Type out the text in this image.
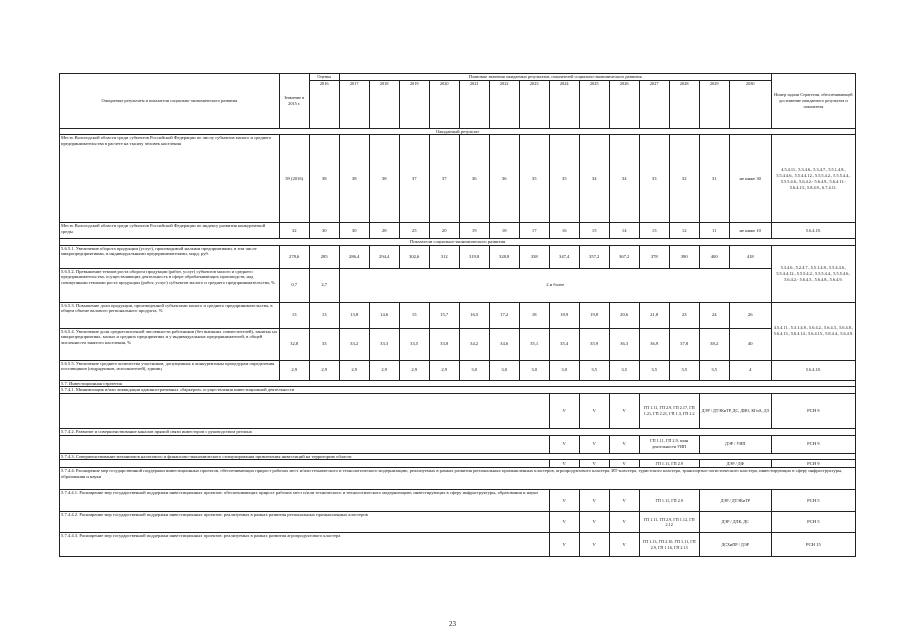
Ожидаемые результаты и показатели социально-экономического развития	Значение в 2015 г.	Оценка	Плановые значения ожидаемых результатов, показателей социально-экономического развития														Номер задачи Стратегии, обеспечивающей достижение ожидаемого результата и показателя
		2016	2017	2018	2019	2020	2021	2022	2023	2024	2025	2026	2027	2028	2029	2030	
Ожидаемый результат																	
Место Вологодской области среди субъектов Российской Федерации по числу субъектов малого и среднего предпринимательства в расчете на тысячу человек населения	39 (2016)	38	38	38	37	37	36	36	35	35	34	34	33	32	31	не ниже 30	4.5.4.11., 5.3.4.6., 5.3.4.7., 5.5.1.4.8., 5.5.4.4.6., 5.5.4.4.12., 5.5.5.4.2., 5.5.5.4.4., 5.5.5.4.6., 5.6.4.2.- 5.6.4.9., 5.6.4.11.- 5.6.4.13., 5.8.4.9., 6.7.4.11.
Место Вологодской области среди субъектов Российской Федерации по индексу развития конкурентной среды	32	30	30	28	25	20	19	18	17	16	15	14	13	12	11	не ниже 10	5.6.4.18.
Показатели социально-экономического развития																	
5.6.5.1. Увеличение оборота продукции (услуг), производимой малыми предприятиями, в том числе микропредприятиями, и индивидуальными предпринимателями, млрд. руб.	278,6	285	286,4	294,4	302,6	312	319,8	328,8	338	347,4	357,2	367,2	378	390	400	418	5.3.4.6., 5.2.4.7., 5.5.1.4.8., 5.5.4.4.6., 5.5.4.4.12., 5.5.5.4.2., 5.5.5.4.4., 5.5.5.4.6., 5.6.4.2.- 5.6.4.5., 5.6.4.8., 5.6.4.9.
5.6.5.2. Превышение темпов роста оборота продукции (работ, услуг) субъектов малого и среднего предпринимательства, осуществляющих деятельность в сфере обрабатывающих производств, над совокупными темпами роста продукции (работ, услуг) субъектов малого и среднего предпринимательства, %	0,7	2,7	2 и более														
5.6.5.3. Повышение доли продукции, произведенной субъектами малого и среднего предпринимательства, в общем объеме валового регионального продукта, %	13	13	13,8	14,6	15	15,7	16,5	17,2	18	18,9	19,8	20,6	21,8	23	24	26	4.5.4.11., 5.3.1.4.8., 5.6.4.2., 5.6.4.3., 5.6.4.8., 5.6.4.13., 5.6.4.14., 5.6.4.15., 5.8.4.4., 5.6.4.9.
5.6.5.4. Увеличение доли среднесписочной численности работников (без внешних совместителей), занятых на микропредприятиях, малых и средних предприятиях и у индивидуальных предпринимателей, в общей численности занятого населения, %	32,8	33	33,2	33,3	33,5	33,8	34,2	34,6	35,1	35,4	35,9	36,3	36,9	37,8	38,2	40	
5.6.5.5. Увеличение среднего количества участников, допущенных к конкурентным процедурам определения поставщиков (подрядчиков, исполнителей), единиц	2,9	2,9	2,9	2,9	2,9	2,9	3,0	3,0	3,0	3,0	3,5	3,5	3,5	3,5	3,5	4	5.6.4.18.
5.7. Инвестиционная стратегия																	
5.7.4.1. Минимизация и/или ликвидация административных «барьеров» осуществления инвестиционной деятельности																	
										V	V	V	ГП 1.11, ГП 2.9, ГП 2.17, ГП 1.21, ГП 2.21, ГП 1.3, ГП 2.2		ДЭР / ДТЭКиТР, ДС, ДИО, КГиА, ДЗ		РСН 9
5.7.4.2. Развитие и совершенствование каналов прямой связи инвесторов с руководством региона																	
										V	V	V	ГП 1.11, ГП 2.9, план деятельности УИП		ДЭР / УИП		РСН 9
5.7.4.3. Совершенствование механизмов налогового и финансово-экономического стимулирования привлечения инвестиций на территорию области																	
										V	V	V	ГП 1.11, ГП 2.9		ДЭР / ДФ		РСН 9
5.7.4.4. Расширение мер государственной поддержки инвестиционных проектов, обеспечивающих прирост рабочих мест и/или технического и технологического модернизацию, реализуемых в рамках развития региональных промышленных кластеров, агропродуктового кластера, ИТ-кластера, туристского кластера, транспортно-логистического кластера, инвестирующих в сферу инфраструктуры, образования и науки																	
5.7.4.4.1. Расширение мер государственной поддержки инвестиционных проектов: обеспечивающих прирост рабочих мест и/или технического и технологического модернизацию; инвестирующих в сферу инфраструктуры, образования и науки										V	V	V	ГП 1.11, ГП 2.9		ДЭР / ДТЭКиТР		РСН 5
5.7.4.4.2. Расширение мер государственной поддержки инвестиционных проектов: реализуемых в рамках развития региональных промышленных кластеров										V	V	V	ГП 1.11, ГП 2.9, ГП 1.12, ГП 2.12		ДЭР / ДЛК, ДС		РСН 5
5.7.4.4.3. Расширение мер государственной поддержки инвестиционных проектов: реализуемых в рамках развития агропродуктового кластера										V	V	V	ГП 1.13, ГП 2.10, ГП 1.11, ГП 2.9, ГП 1.16, ГП 2.13		ДСХиПР / ДЭР		РСН 15
23
